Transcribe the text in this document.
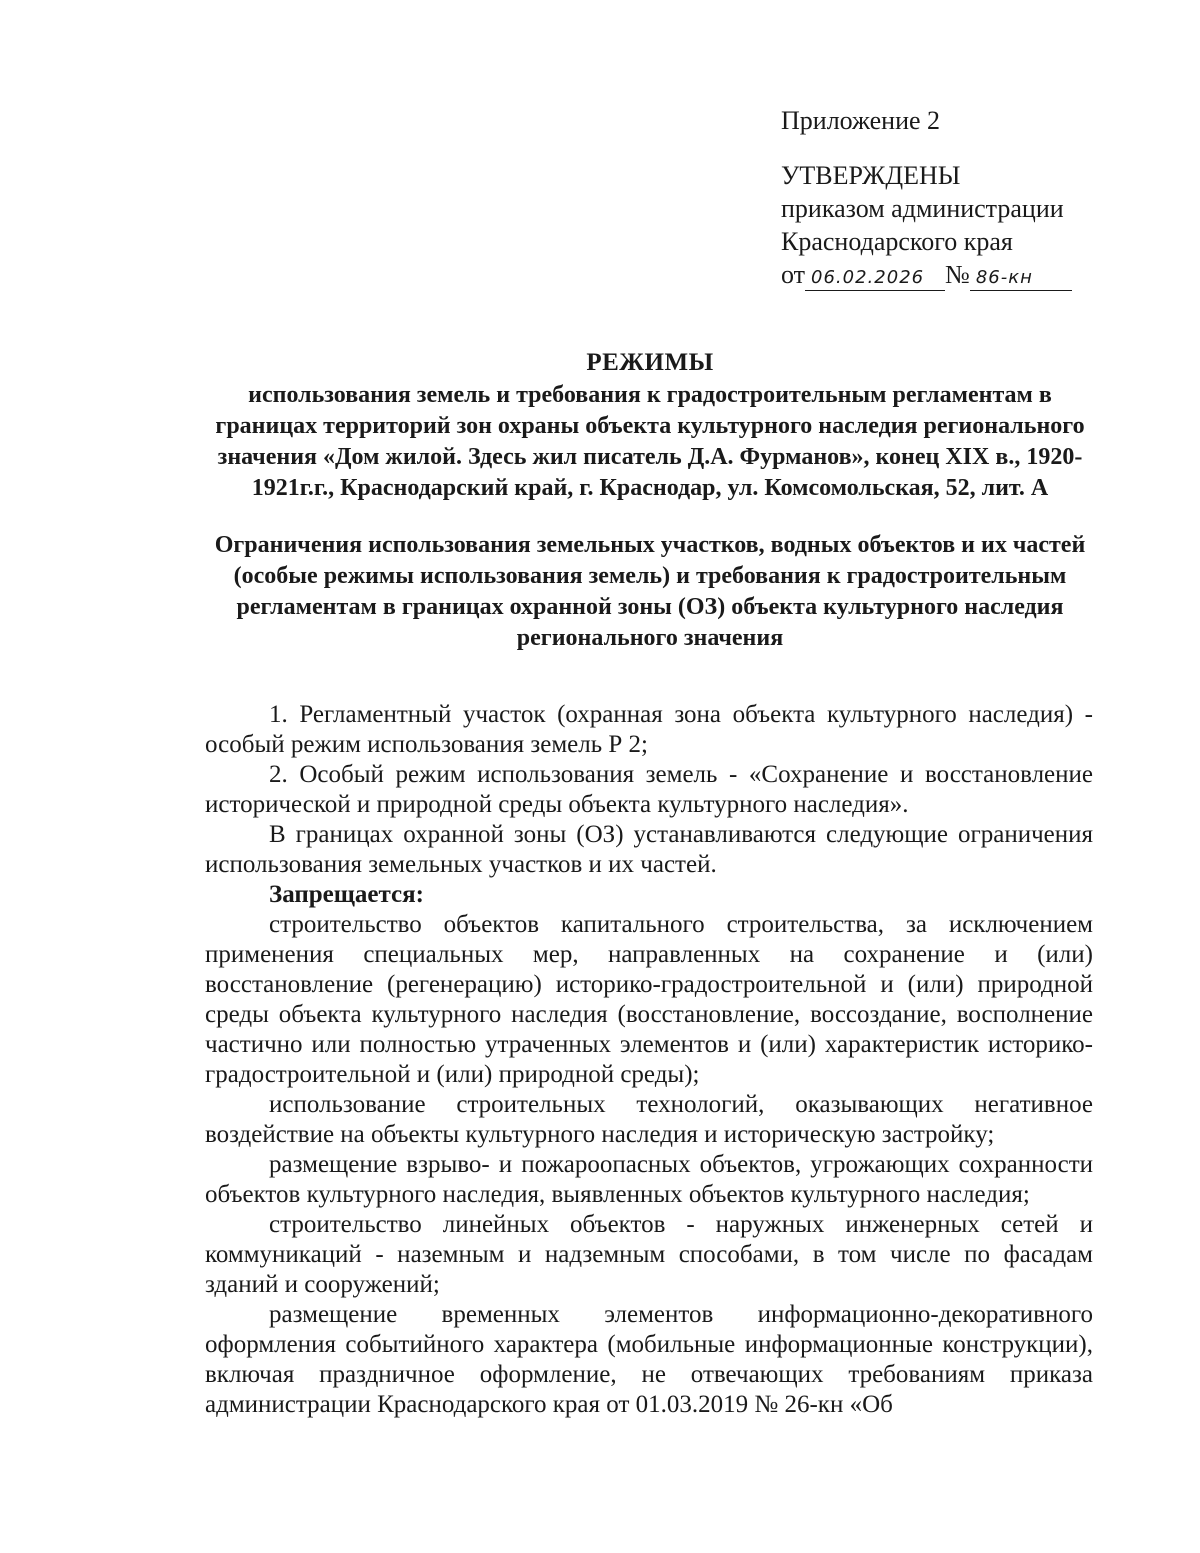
Приложение 2
УТВЕРЖДЕНЫ
приказом администрации
Краснодарского края
от 06.02.2026 № 86-кн
РЕЖИМЫ
использования земель и требования к градостроительным регламентам в границах территорий зон охраны объекта культурного наследия регионального значения «Дом жилой. Здесь жил писатель Д.А. Фурманов», конец XIX в., 1920-1921г.г., Краснодарский край, г. Краснодар, ул. Комсомольская, 52, лит. А
Ограничения использования земельных участков, водных объектов и их частей (особые режимы использования земель) и требования к градостроительным регламентам в границах охранной зоны (ОЗ) объекта культурного наследия регионального значения

1. Регламентный участок (охранная зона объекта культурного наследия) - особый режим использования земель Р 2;

2. Особый режим использования земель - «Сохранение и восстановление исторической и природной среды объекта культурного наследия».

В границах охранной зоны (ОЗ) устанавливаются следующие ограничения использования земельных участков и их частей.

Запрещается:

строительство объектов капитального строительства, за исключением применения специальных мер, направленных на сохранение и (или) восстановление (регенерацию) историко-градостроительной и (или) природной среды объекта культурного наследия (восстановление, воссоздание, восполнение частично или полностью утраченных элементов и (или) характеристик историко-градостроительной и (или) природной среды);

использование строительных технологий, оказывающих негативное воздействие на объекты культурного наследия и историческую застройку;

размещение взрыво- и пожароопасных объектов, угрожающих сохранности объектов культурного наследия, выявленных объектов культурного наследия;

строительство линейных объектов - наружных инженерных сетей и коммуникаций - наземным и надземным способами, в том числе по фасадам зданий и сооружений;

размещение временных элементов информационно-декоративного оформления событийного характера (мобильные информационные конструкции), включая праздничное оформление, не отвечающих требованиям приказа администрации Краснодарского края от 01.03.2019 № 26-кн «Об
